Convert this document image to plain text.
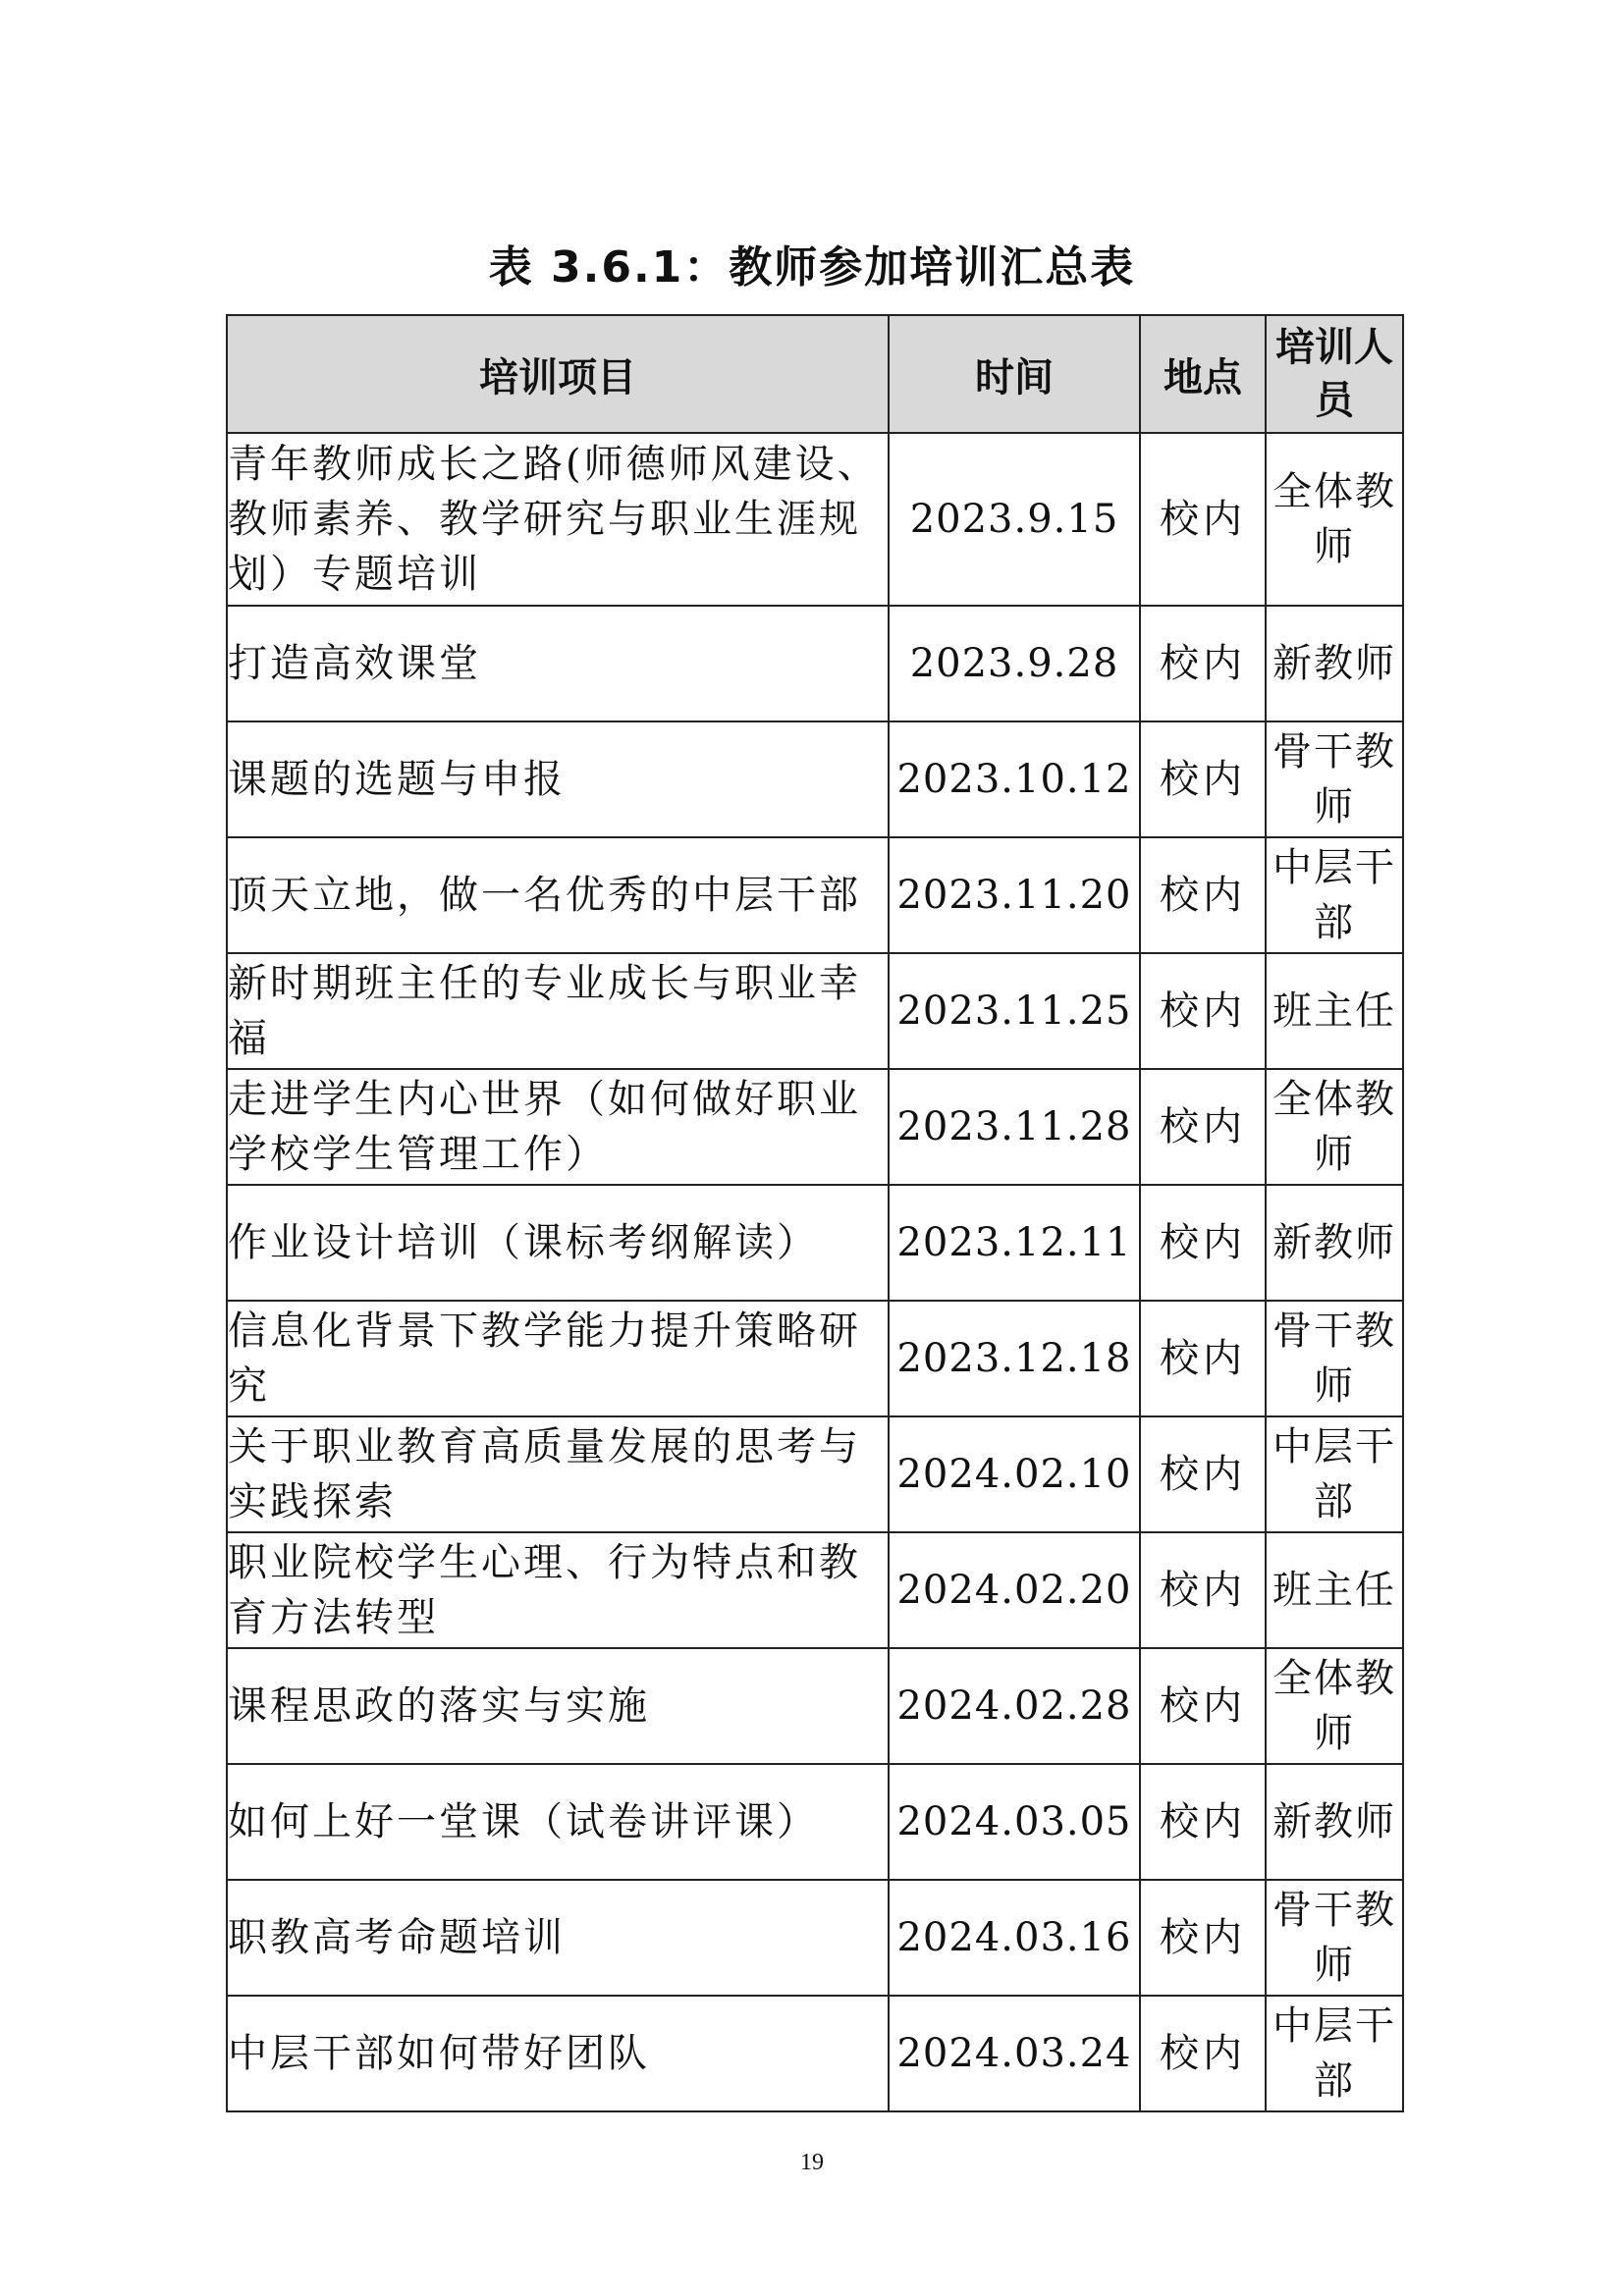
表 3.6.1：教师参加培训汇总表
培训项目	时间	地点	培训人员
青年教师成长之路(师德师风建设、教师素养、教学研究与职业生涯规划）专题培训	2023.9.15	校内	全体教师
打造高效课堂	2023.9.28	校内	新教师
课题的选题与申报	2023.10.12	校内	骨干教师
顶天立地，做一名优秀的中层干部	2023.11.20	校内	中层干部
新时期班主任的专业成长与职业幸福	2023.11.25	校内	班主任
走进学生内心世界（如何做好职业学校学生管理工作）	2023.11.28	校内	全体教师
作业设计培训（课标考纲解读）	2023.12.11	校内	新教师
信息化背景下教学能力提升策略研究	2023.12.18	校内	骨干教师
关于职业教育高质量发展的思考与实践探索	2024.02.10	校内	中层干部
职业院校学生心理、行为特点和教育方法转型	2024.02.20	校内	班主任
课程思政的落实与实施	2024.02.28	校内	全体教师
如何上好一堂课（试卷讲评课）	2024.03.05	校内	新教师
职教高考命题培训	2024.03.16	校内	骨干教师
中层干部如何带好团队	2024.03.24	校内	中层干部
19
